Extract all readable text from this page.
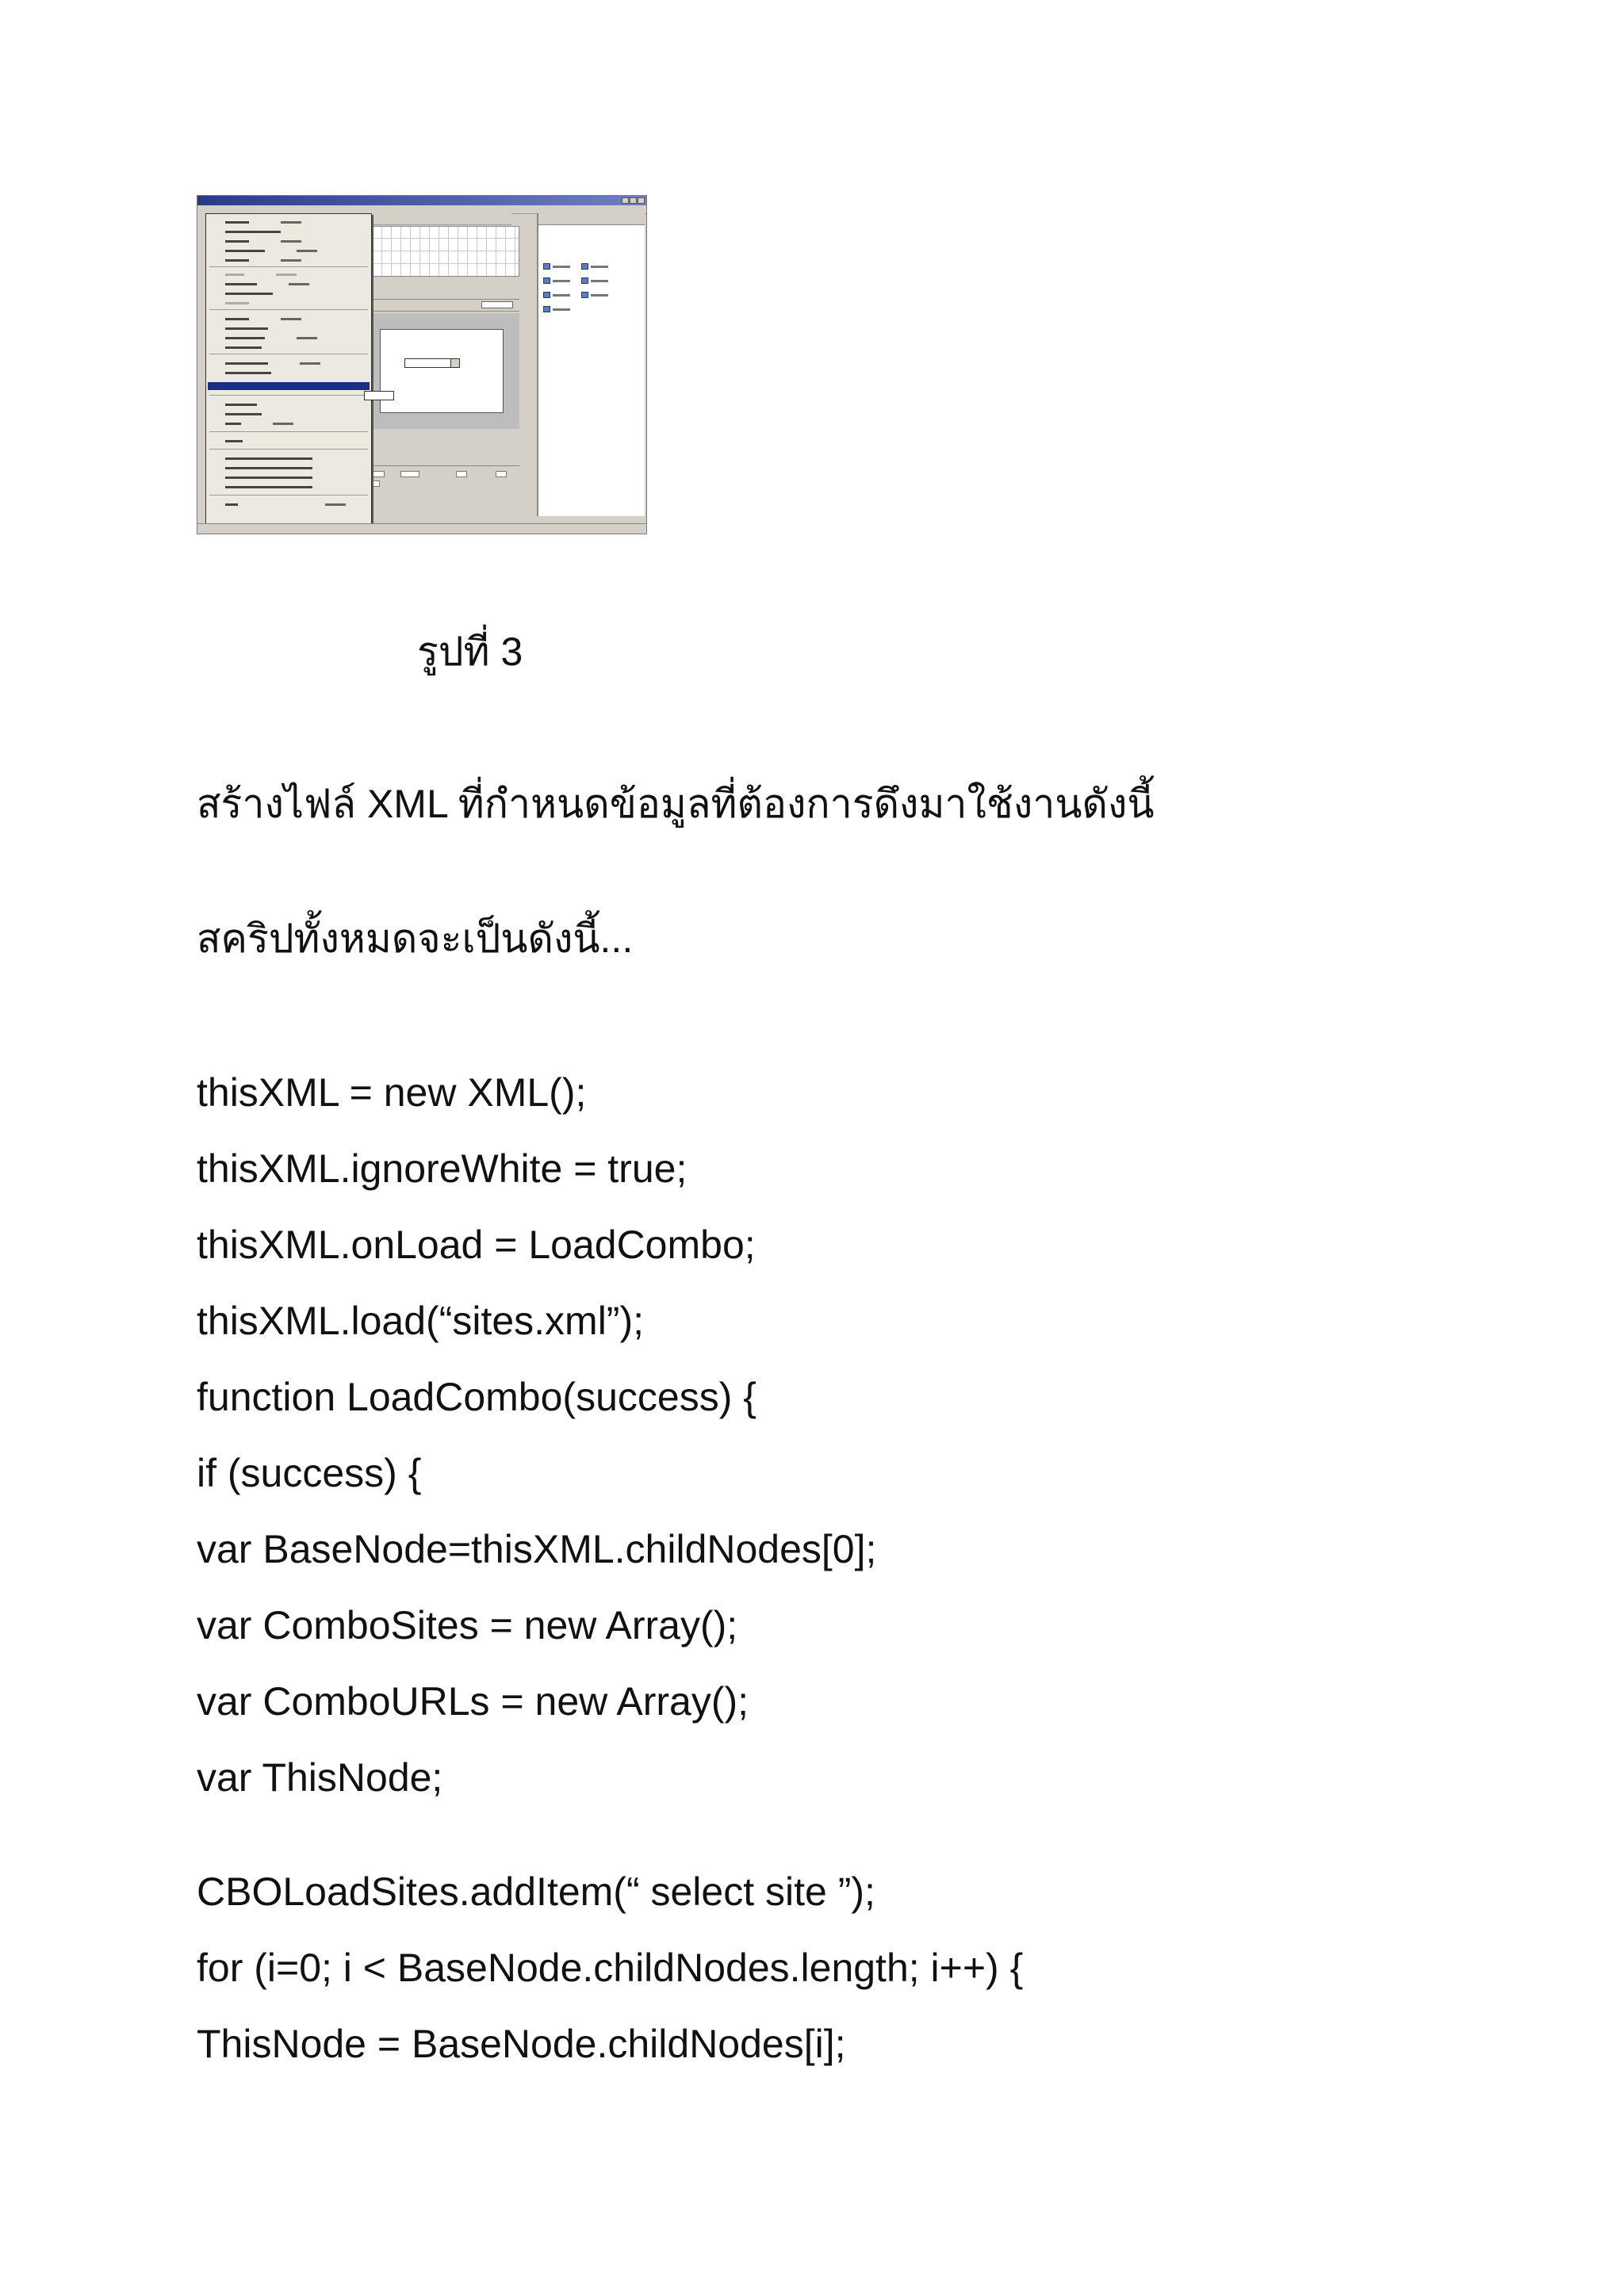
รูปที่ 3
สร้างไฟล์ XML ที่กำหนดข้อมูลที่ต้องการดึงมาใช้งานดังนี้
สคริปทั้งหมดจะเป็นดังนี้...
thisXML = new XML();
thisXML.ignoreWhite = true;
thisXML.onLoad = LoadCombo;
thisXML.load(“sites.xml”);
function LoadCombo(success) {
if (success) {
var BaseNode=thisXML.childNodes[0];
var ComboSites = new Array();
var ComboURLs = new Array();
var ThisNode;
CBOLoadSites.addItem(“ select site ”);
for (i=0; i < BaseNode.childNodes.length; i++) {
ThisNode = BaseNode.childNodes[i];
